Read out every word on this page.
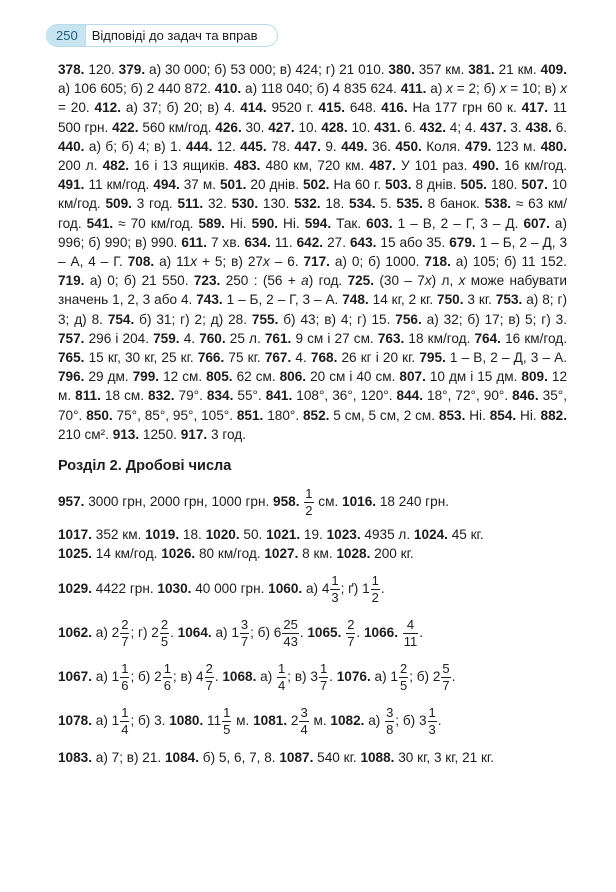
250	Відповіді до задач та вправ

378. 120. 379. а) 30 000; б) 53 000; в) 424; г) 21 010. 380. 357 км. 381. 21 км. 409. а) 106 605; б) 2 440 872. 410. а) 118 040; б) 4 835 624. 411. а) x = 2; б) x = 10; в) x = 20. 412. а) 37; б) 20; в) 4. 414. 9520 г. 415. 648. 416. На 177 грн 60 к. 417. 11 500 грн. 422. 560 км/год. 426. 30. 427. 10. 428. 10. 431. 6. 432. 4; 4. 437. 3. 438. 6. 440. а) б; б) 4; в) 1. 444. 12. 445. 78. 447. 9. 449. 36. 450. Коля. 479. 123 м. 480. 200 л. 482. 16 і 13 ящиків. 483. 480 км, 720 км. 487. У 101 раз. 490. 16 км/год. 491. 11 км/год. 494. 37 м. 501. 20 днів. 502. На 60 г. 503. 8 днів. 505. 180. 507. 10 км/год. 509. 3 год. 511. 32. 530. 130. 532. 18. 534. 5. 535. 8 банок. 538. ≈ 63 км/год. 541. ≈ 70 км/год. 589. Ні. 590. Ні. 594. Так. 603. 1 – В, 2 – Г, 3 – Д. 607. а) 996; б) 990; в) 990. 611. 7 хв. 634. 11. 642. 27. 643. 15 або 35. 679. 1 – Б, 2 – Д, 3 – А, 4 – Г. 708. а) 11x + 5; в) 27x – 6. 717. а) 0; б) 1000. 718. а) 105; б) 11 152. 719. а) 0; б) 21 550. 723. 250 : (56 + a) год. 725. (30 – 7x) л, x може набувати значень 1, 2, 3 або 4. 743. 1 – Б, 2 – Г, 3 – А. 748. 14 кг, 2 кг. 750. 3 кг. 753. а) 8; г) 3; д) 8. 754. б) 31; г) 2; д) 28. 755. б) 43; в) 4; г) 15. 756. а) 32; б) 17; в) 5; г) 3. 757. 296 і 204. 759. 4. 760. 25 л. 761. 9 см і 27 см. 763. 18 км/год. 764. 16 км/год. 765. 15 кг, 30 кг, 25 кг. 766. 75 кг. 767. 4. 768. 26 кг і 20 кг. 795. 1 – В, 2 – Д, 3 – А. 796. 29 дм. 799. 12 см. 805. 62 см. 806. 20 см і 40 см. 807. 10 дм і 15 дм. 809. 12 м. 811. 18 см. 832. 79°. 834. 55°. 841. 108°, 36°, 120°. 844. 18°, 72°, 90°. 846. 35°, 70°. 850. 75°, 85°, 95°, 105°. 851. 180°. 852. 5 см, 5 см, 2 см. 853. Ні. 854. Ні. 882. 210 см². 913. 1250. 917. 3 год.

Розділ 2. Дробові числа

957. 3000 грн, 2000 грн, 1000 грн. 958. $\frac{1}{2}$ см. 1016. 18 240 грн.

1017. 352 км. 1019. 18. 1020. 50. 1021. 19. 1023. 4935 л. 1024. 45 кг.
1025. 14 км/год. 1026. 80 км/год. 1027. 8 км. 1028. 200 кг.

1029. 4422 грн. 1030. 40 000 грн. 1060. а) $4 \frac{1}{3}$ ; ґ) $1 \frac{1}{2}$ .

1062. а) $2 \frac{2}{7}$ ; г) $2 \frac{2}{5}$ . 1064. а) $1 \frac{3}{7}$ ; б) $6 \frac{25}{43}$ . 1065. $\frac{2}{7}$ . 1066. $\frac{4}{11}$ .

1067. а) $1 \frac{1}{6}$ ; б) $2 \frac{1}{6}$ ; в) $4 \frac{2}{7}$ . 1068. $а) \frac{1}{4}$ ; в) $3 \frac{1}{7}$ . 1076. а) $1 \frac{2}{5}$ ; б) $2 \frac{5}{7}$ .

1078. а) $1 \frac{1}{4}$ ; б) 3. 1080. $11 \frac{1}{5} м$. 1081. $2 \frac{3}{4} м$. 1082. $а) \frac{3}{8}$ ; б) $3 \frac{1}{3}$ .

1083. а) 7; в) 21. 1084. б) 5, 6, 7, 8. 1087. 540 кг. 1088. 30 кг, 3 кг, 21 кг.
